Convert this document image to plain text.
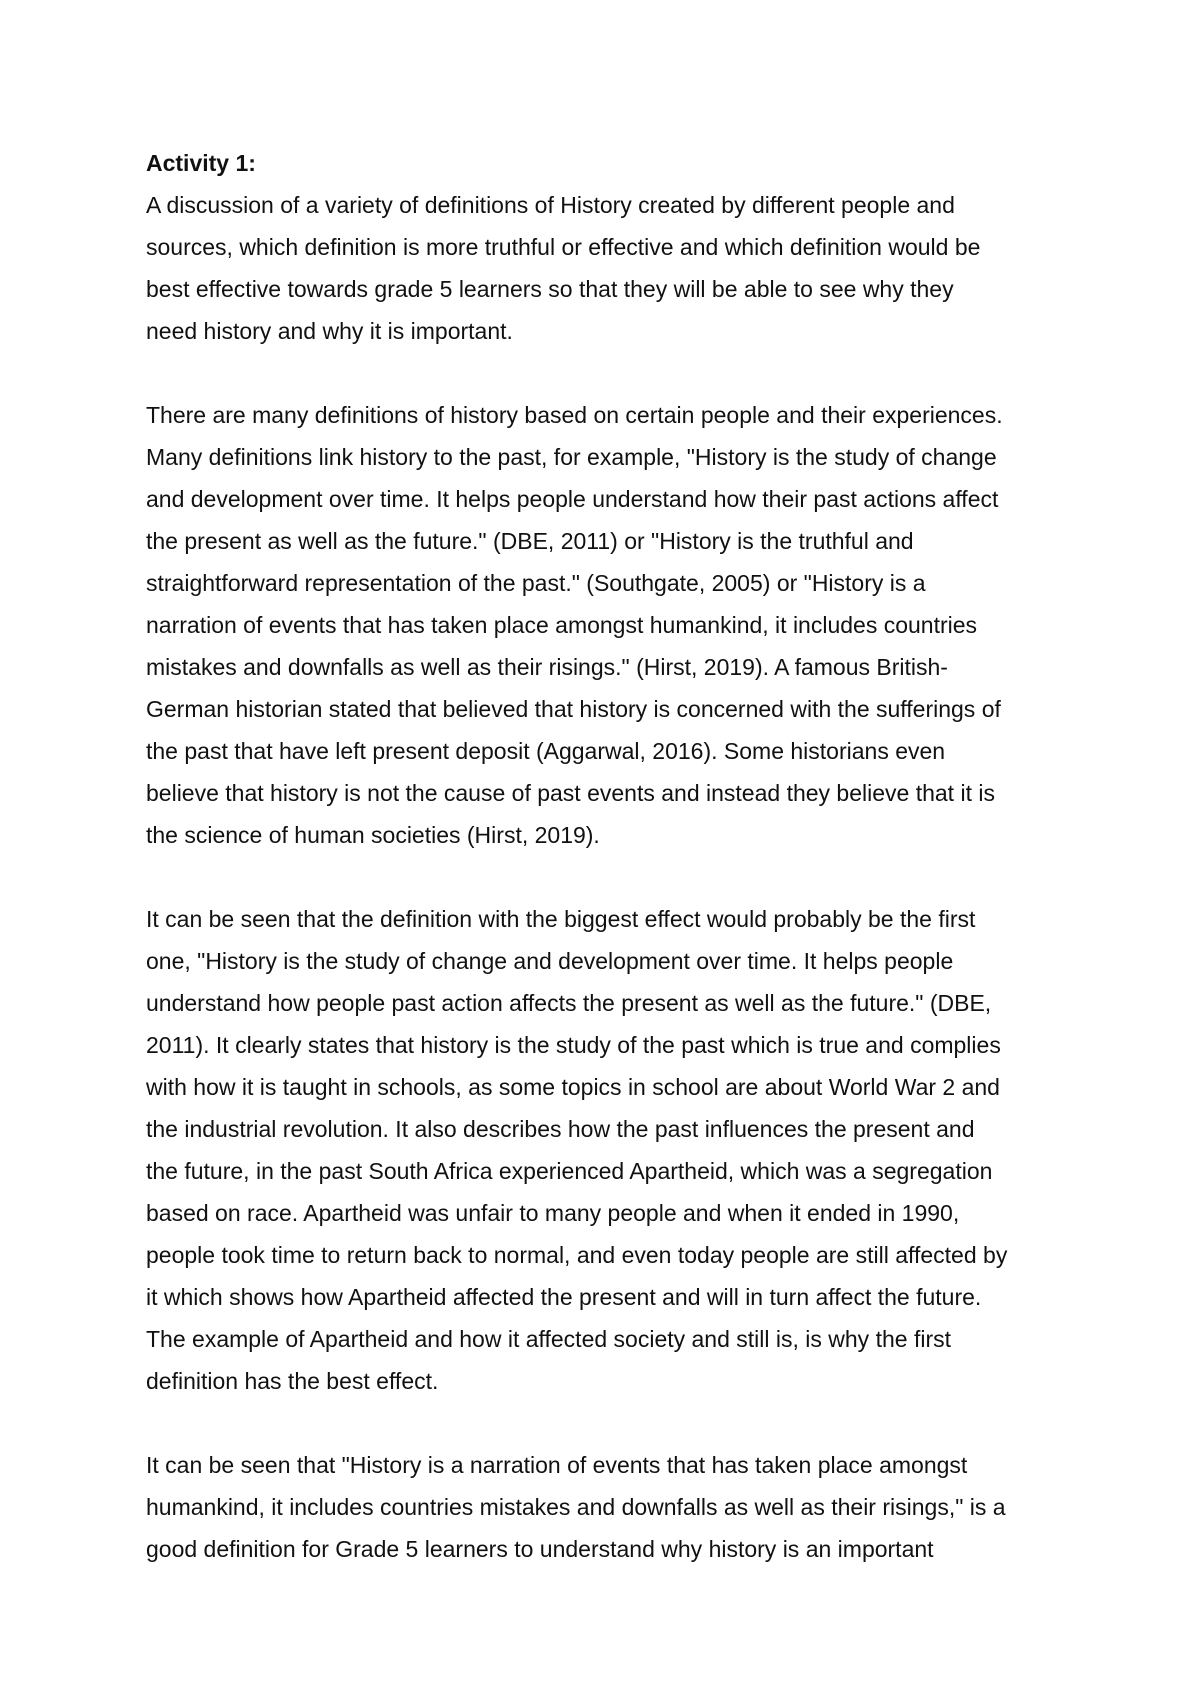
Activity 1:
A discussion of a variety of definitions of History created by different people and
sources, which definition is more truthful or effective and which definition would be
best effective towards grade 5 learners so that they will be able to see why they
need history and why it is important.
There are many definitions of history based on certain people and their experiences.
Many definitions link history to the past, for example, "History is the study of change
and development over time. It helps people understand how their past actions affect
the present as well as the future." (DBE, 2011) or "History is the truthful and
straightforward representation of the past." (Southgate, 2005) or "History is a
narration of events that has taken place amongst humankind, it includes countries
mistakes and downfalls as well as their risings." (Hirst, 2019). A famous British-
German historian stated that believed that history is concerned with the sufferings of
the past that have left present deposit (Aggarwal, 2016). Some historians even
believe that history is not the cause of past events and instead they believe that it is
the science of human societies (Hirst, 2019).
It can be seen that the definition with the biggest effect would probably be the first
one, "History is the study of change and development over time. It helps people
understand how people past action affects the present as well as the future." (DBE,
2011). It clearly states that history is the study of the past which is true and complies
with how it is taught in schools, as some topics in school are about World War 2 and
the industrial revolution. It also describes how the past influences the present and
the future, in the past South Africa experienced Apartheid, which was a segregation
based on race. Apartheid was unfair to many people and when it ended in 1990,
people took time to return back to normal, and even today people are still affected by
it which shows how Apartheid affected the present and will in turn affect the future.
The example of Apartheid and how it affected society and still is, is why the first
definition has the best effect.
It can be seen that "History is a narration of events that has taken place amongst
humankind, it includes countries mistakes and downfalls as well as their risings," is a
good definition for Grade 5 learners to understand why history is an important
